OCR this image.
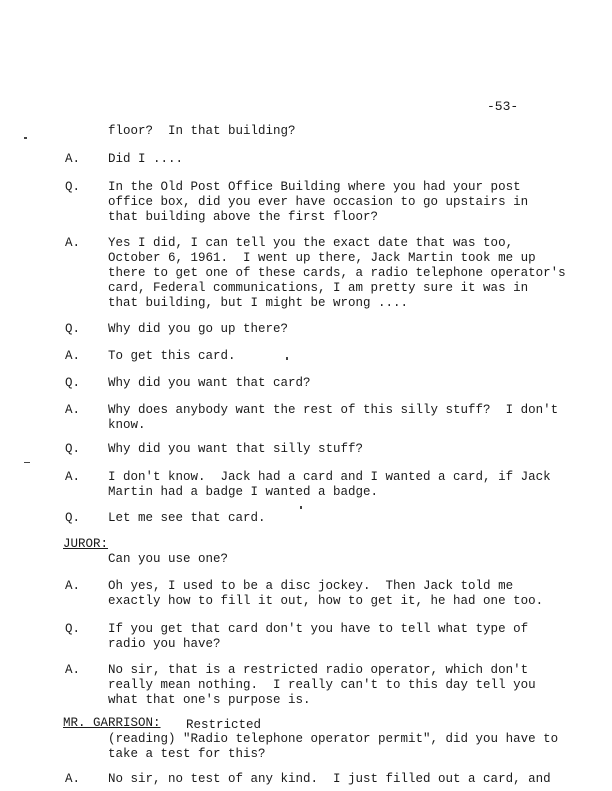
-53-
floor?  In that building?
A. Did I ....
Q. In the Old Post Office Building where you had your post
office box, did you ever have occasion to go upstairs in
that building above the first floor?
A. Yes I did, I can tell you the exact date that was too,
October 6, 1961.  I went up there, Jack Martin took me up
there to get one of these cards, a radio telephone operator's
card, Federal communications, I am pretty sure it was in
that building, but I might be wrong ....
Q. Why did you go up there?
A. To get this card.
Q. Why did you want that card?
A. Why does anybody want the rest of this silly stuff?  I don't
know.
Q. Why did you want that silly stuff?
A. I don't know.  Jack had a card and I wanted a card, if Jack
Martin had a badge I wanted a badge.
Q. Let me see that card.
JUROR:
Can you use one?
A. Oh yes, I used to be a disc jockey.  Then Jack told me
exactly how to fill it out, how to get it, he had one too.
Q. If you get that card don't you have to tell what type of
radio you have?
A. No sir, that is a restricted radio operator, which don't
really mean nothing.  I really can't to this day tell you
what that one's purpose is.
MR. GARRISON: Restricted
(reading) "Radio telephone operator permit", did you have to
take a test for this?
A. No sir, no test of any kind.  I just filled out a card, and
